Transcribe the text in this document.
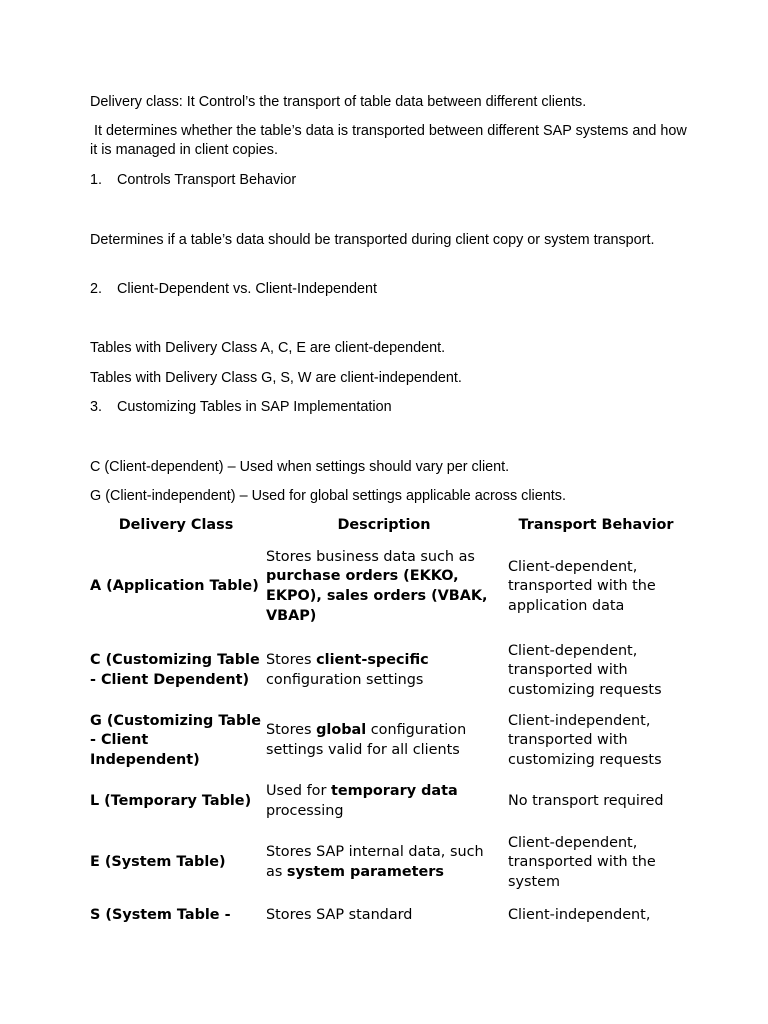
Delivery class: It Control’s the transport of table data between different clients.
It determines whether the table’s data is transported between different SAP systems and how it is managed in client copies.
1. Controls Transport Behavior
Determines if a table’s data should be transported during client copy or system transport.
2. Client-Dependent vs. Client-Independent
Tables with Delivery Class A, C, E are client-dependent.
Tables with Delivery Class G, S, W are client-independent.
3. Customizing Tables in SAP Implementation
C (Client-dependent) – Used when settings should vary per client.
G (Client-independent) – Used for global settings applicable across clients.
Delivery Class	Description	Transport Behavior
A (Application Table)	Stores business data such as purchase orders (EKKO, EKPO), sales orders (VBAK, VBAP)	Client-dependent, transported with the application data
C (Customizing Table - Client Dependent)	Stores client-specific configuration settings	Client-dependent, transported with customizing requests
G (Customizing Table - Client Independent)	Stores global configuration settings valid for all clients	Client-independent, transported with customizing requests
L (Temporary Table)	Used for temporary data processing	No transport required
E (System Table)	Stores SAP internal data, such as system parameters	Client-dependent, transported with the system
S (System Table -	Stores SAP standard	Client-independent,
